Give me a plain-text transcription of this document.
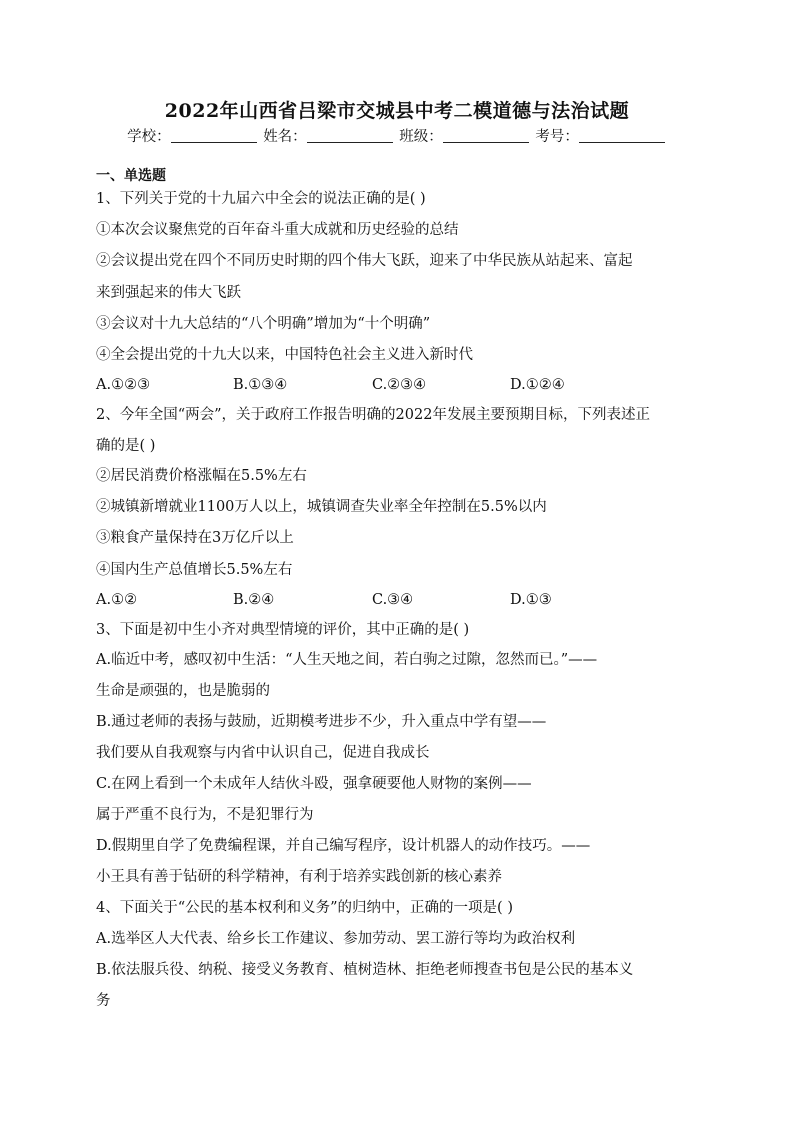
2022年山西省吕梁市交城县中考二模道德与法治试题
学校：	姓名：	班级：	考号：
一、单选题
1、下列关于党的十九届六中全会的说法正确的是( )
①本次会议聚焦党的百年奋斗重大成就和历史经验的总结
②会议提出党在四个不同历史时期的四个伟大飞跃，迎来了中华民族从站起来、富起
来到强起来的伟大飞跃
③会议对十九大总结的“八个明确”增加为“十个明确”
④全会提出党的十九大以来，中国特色社会主义进入新时代
A.①②③	B.①③④	C.②③④	D.①②④
2、今年全国“两会”，关于政府工作报告明确的2022年发展主要预期目标，下列表述正
确的是( )
②居民消费价格涨幅在5.5%左右
②城镇新增就业1100万人以上，城镇调查失业率全年控制在5.5%以内
③粮食产量保持在3万亿斤以上
④国内生产总值增长5.5%左右
A.①②	B.②④	C.③④	D.①③
3、下面是初中生小齐对典型情境的评价，其中正确的是( )
A.临近中考，感叹初中生活：“人生天地之间，若白驹之过隙，忽然而已。”——
生命是顽强的，也是脆弱的
B.通过老师的表扬与鼓励，近期模考进步不少，升入重点中学有望——
我们要从自我观察与内省中认识自己，促进自我成长
C.在网上看到一个未成年人结伙斗殴，强拿硬要他人财物的案例——
属于严重不良行为，不是犯罪行为
D.假期里自学了免费编程课，并自己编写程序，设计机器人的动作技巧。——
小王具有善于钻研的科学精神，有利于培养实践创新的核心素养
4、下面关于“公民的基本权利和义务”的归纳中，正确的一项是( )
A.选举区人大代表、给乡长工作建议、参加劳动、罢工游行等均为政治权利
B.依法服兵役、纳税、接受义务教育、植树造林、拒绝老师搜查书包是公民的基本义
务
